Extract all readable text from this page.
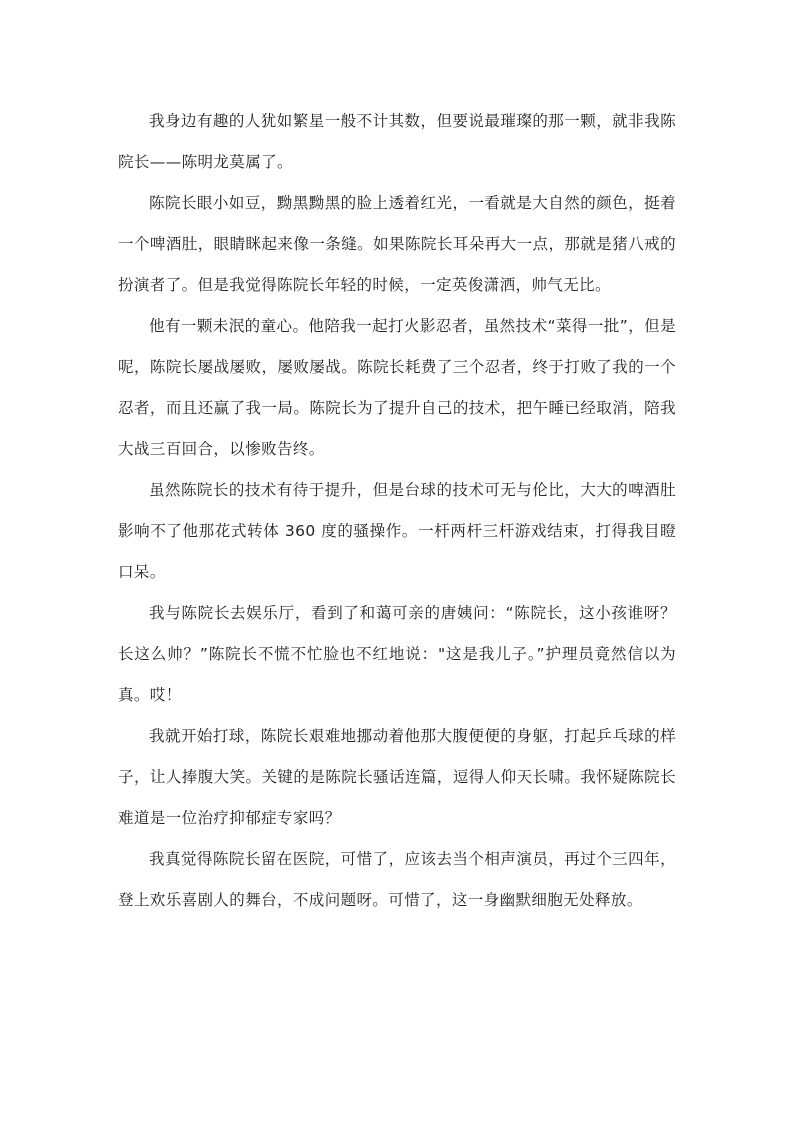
我身边有趣的人犹如繁星一般不计其数，但要说最璀璨的那一颗，就非我陈院长——陈明龙莫属了。

陈院长眼小如豆，黝黑黝黑的脸上透着红光，一看就是大自然的颜色，挺着一个啤酒肚，眼睛眯起来像一条缝。如果陈院长耳朵再大一点，那就是猪八戒的扮演者了。但是我觉得陈院长年轻的时候，一定英俊潇洒，帅气无比。

他有一颗未泯的童心。他陪我一起打火影忍者，虽然技术“菜得一批”，但是呢，陈院长屡战屡败，屡败屡战。陈院长耗费了三个忍者，终于打败了我的一个忍者，而且还赢了我一局。陈院长为了提升自己的技术，把午睡已经取消，陪我大战三百回合，以惨败告终。

虽然陈院长的技术有待于提升，但是台球的技术可无与伦比，大大的啤酒肚影响不了他那花式转体 360 度的骚操作。一杆两杆三杆游戏结束，打得我目瞪口呆。

我与陈院长去娱乐厅，看到了和蔼可亲的唐姨问：“陈院长，这小孩谁呀？长这么帅？”陈院长不慌不忙脸也不红地说："这是我儿子。”护理员竟然信以为真。哎！

我就开始打球，陈院长艰难地挪动着他那大腹便便的身躯，打起乒乓球的样子，让人捧腹大笑。关键的是陈院长骚话连篇，逗得人仰天长啸。我怀疑陈院长难道是一位治疗抑郁症专家吗？

我真觉得陈院长留在医院，可惜了，应该去当个相声演员，再过个三四年，登上欢乐喜剧人的舞台，不成问题呀。可惜了，这一身幽默细胞无处释放。
